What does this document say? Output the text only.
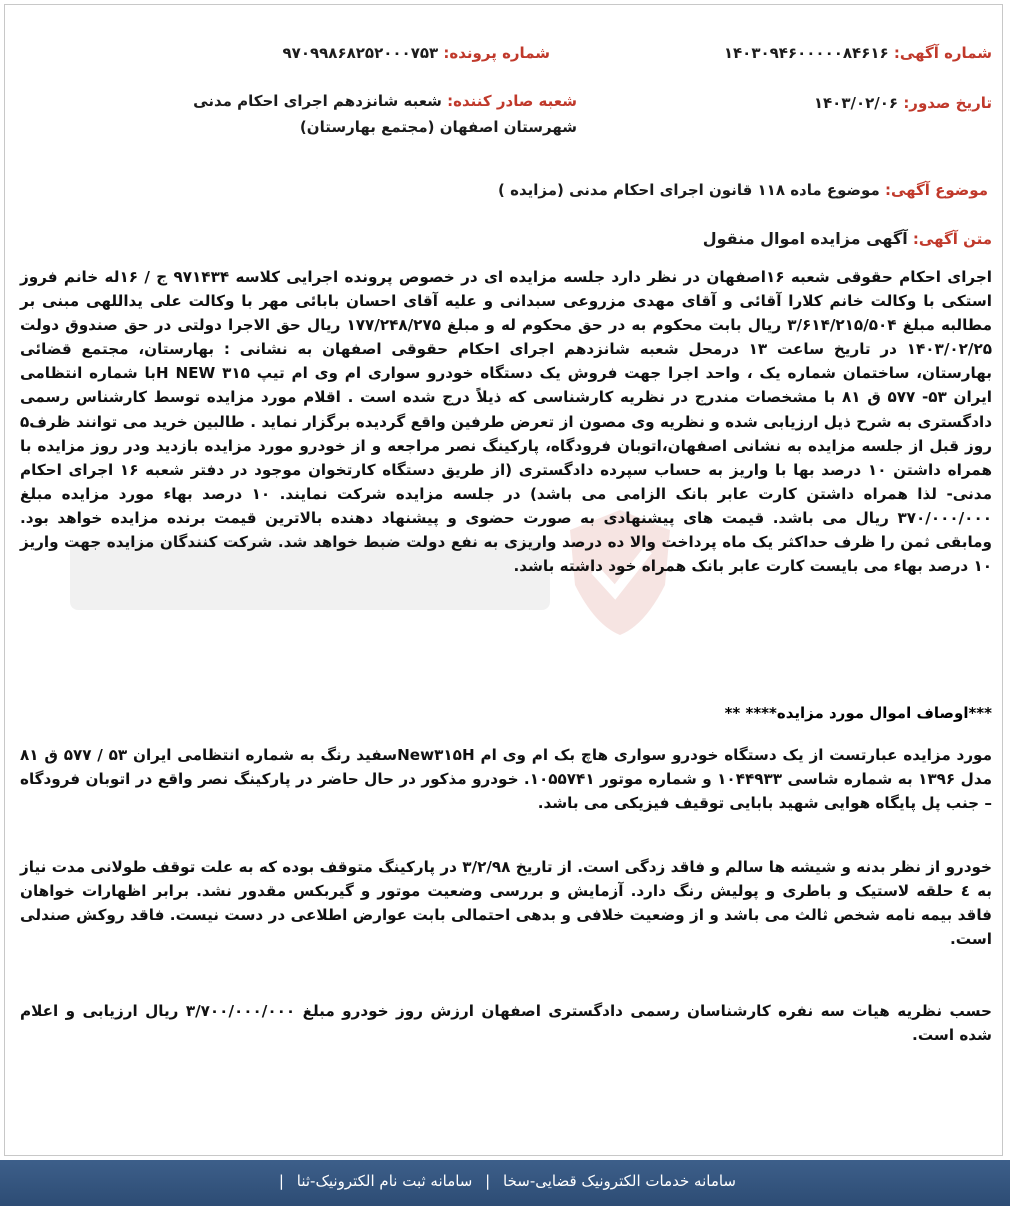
شماره آگهی: ۱۴۰۳۰۹۴۶۰۰۰۰۰۸۴۶۱۶
شماره پرونده: ۹۷۰۹۹۸۶۸۲۵۲۰۰۰۷۵۳
تاریخ صدور: ۱۴۰۳/۰۲/۰۶
شعبه صادر کننده: شعبه شانزدهم اجرای احکام مدنی شهرستان اصفهان (مجتمع بهارستان)
موضوع آگهی: موضوع ماده ۱۱۸ قانون اجرای احکام مدنی (مزایده )
متن آگهی: آگهی مزایده اموال منقول

اجرای احکام حقوقی شعبه ۱۶اصفهان در نظر دارد جلسه مزایده ای در خصوص پرونده اجرایی کلاسه ۹۷۱۴۳۴ ج / ۱۶له خانم فروز استکی با وکالت خانم کلارا آقائی و آقای مهدی مزروعی سبدانی و علیه آقای احسان بابائی مهر با وکالت علی یداللهی مبنی بر مطالبه مبلغ ۳/۶۱۴/۲۱۵/۵۰۴ ریال بابت محکوم به در حق محکوم له و مبلغ ۱۷۷/۲۴۸/۲۷۵ ریال حق الاجرا دولتی در حق صندوق دولت ۱۴۰۳/۰۲/۲۵ در تاریخ ساعت ۱۳ درمحل شعبه شانزدهم اجرای احکام حقوقی اصفهان به نشانی : بهارستان، مجتمع قضائی بهارستان، ساختمان شماره یک ، واحد اجرا جهت فروش یک دستگاه خودرو سواری ام وی ام تیپ H NEW ۳۱۵با شماره انتظامی ایران ۵۳- ۵۷۷ ق ۸۱ با مشخصات مندرج در نظریه کارشناسی که ذیلاً درج شده است . اقلام مورد مزایده توسط کارشناس رسمی دادگستری به شرح ذیل ارزیابی شده و نظریه وی مصون از تعرض طرفین واقع گردیده برگزار نماید . طالبین خرید می توانند ظرف۵ روز قبل از جلسه مزایده به نشانی اصفهان،اتوبان فرودگاه، پارکینگ نصر مراجعه و از خودرو مورد مزایده بازدید ودر روز مزایده با همراه داشتن ۱۰ درصد بها با واریز به حساب سپرده دادگستری (از طریق دستگاه کارتخوان موجود در دفتر شعبه ۱۶ اجرای احکام مدنی- لذا همراه داشتن کارت عابر بانک الزامی می باشد) در جلسه مزایده شرکت نمایند. ۱۰ درصد بهاء مورد مزایده مبلغ ۳۷۰/۰۰۰/۰۰۰ ریال می باشد. قیمت های پیشنهادی به صورت حضوی و پیشنهاد دهنده بالاترین قیمت برنده مزایده خواهد بود. ومابقی ثمن را ظرف حداکثر یک ماه پرداخت والا ده درصد واریزی به نفع دولت ضبط خواهد شد. شرکت کنندگان مزایده جهت واریز ۱۰ درصد بهاء می بایست کارت عابر بانک همراه خود داشته باشد.

***اوصاف اموال مورد مزایده**** **

مورد مزایده عبارتست از یک دستگاه خودرو سواری هاچ بک ام وی ام New۳۱۵Hسفید رنگ به شماره انتظامی ایران ۵۳ / ۵۷۷ ق ۸۱ مدل ۱۳۹۶ به شماره شاسی ۱۰۴۴۹۳۳ و شماره موتور ۱۰۵۵۷۴۱. خودرو مذکور در حال حاضر در پارکینگ نصر واقع در اتوبان فرودگاه – جنب پل پایگاه هوایی شهید بابایی توقیف فیزیکی می باشد.

خودرو از نظر بدنه و شیشه ها سالم و فاقد زدگی است. از تاریخ ۳/۲/۹۸ در پارکینگ متوقف بوده که به علت توقف طولانی مدت نیاز به ٤ حلقه لاستیک و باطری و پولیش رنگ دارد. آزمایش و بررسی وضعیت موتور و گیربکس مقدور نشد. برابر اظهارات خواهان فاقد بیمه نامه شخص ثالث می باشد و از وضعیت خلافی و بدهی احتمالی بابت عوارض اطلاعی در دست نیست. فاقد روکش صندلی است.

حسب نظریه هیات سه نفره کارشناسان رسمی دادگستری اصفهان ارزش روز خودرو مبلغ ۳/۷۰۰/۰۰۰/۰۰۰ ریال ارزیابی و اعلام شده است.

سامانه خدمات الکترونیک قضایی-سخا | سامانه ثبت نام الکترونیک-ثنا |
